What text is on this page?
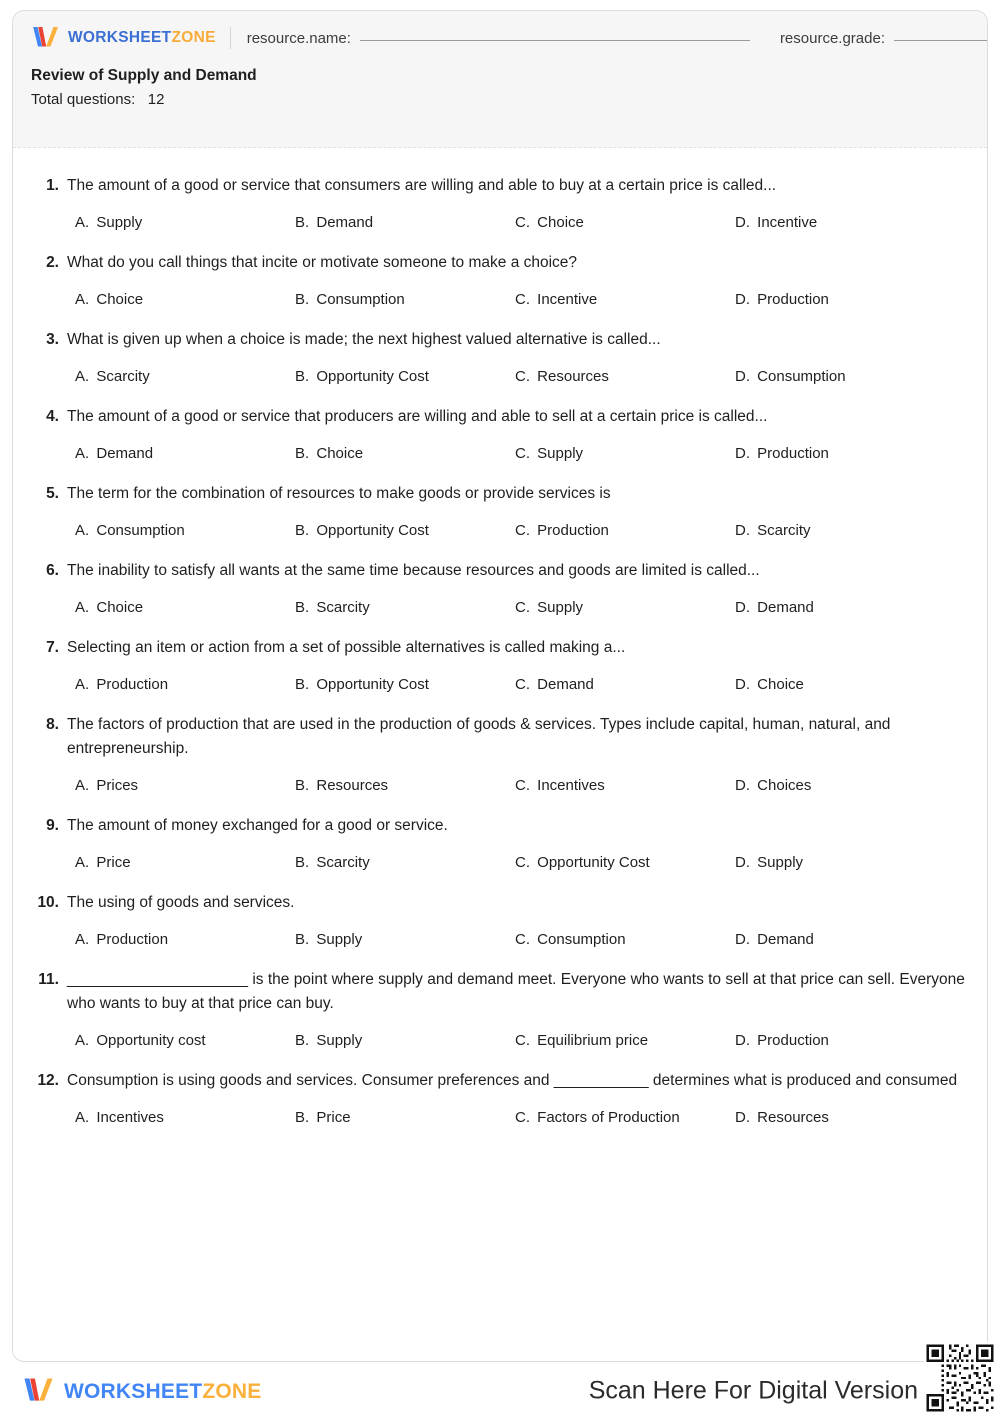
WORKSHEETZONE resource.name:	resource.grade:
Review of Supply and Demand
Total questions:   12
1. The amount of a good or service that consumers are willing and able to buy at a certain price is called...
A. Supply	B. Demand	C. Choice	D. Incentive
2. What do you call things that incite or motivate someone to make a choice?
A. Choice	B. Consumption	C. Incentive	D. Production
3. What is given up when a choice is made; the next highest valued alternative is called...
A. Scarcity	B. Opportunity Cost	C. Resources	D. Consumption
4. The amount of a good or service that producers are willing and able to sell at a certain price is called...
A. Demand	B. Choice	C. Supply	D. Production
5. The term for the combination of resources to make goods or provide services is
A. Consumption	B. Opportunity Cost	C. Production	D. Scarcity
6. The inability to satisfy all wants at the same time because resources and goods are limited is called...
A. Choice	B. Scarcity	C. Supply	D. Demand
7. Selecting an item or action from a set of possible alternatives is called making a...
A. Production	B. Opportunity Cost	C. Demand	D. Choice
8. The factors of production that are used in the production of goods & services. Types include capital, human, natural, and entrepreneurship.
A. Prices	B. Resources	C. Incentives	D. Choices
9. The amount of money exchanged for a good or service.
A. Price	B. Scarcity	C. Opportunity Cost	D. Supply
10. The using of goods and services.
A. Production	B. Supply	C. Consumption	D. Demand
11. _____________________ is the point where supply and demand meet. Everyone who wants to sell at that price can sell. Everyone who wants to buy at that price can buy.
A. Opportunity cost	B. Supply	C. Equilibrium price	D. Production
12. Consumption is using goods and services. Consumer preferences and ___________ determines what is produced and consumed
A. Incentives	B. Price	C. Factors of Production	D. Resources
WORKSHEETZONE	Scan Here For Digital Version
